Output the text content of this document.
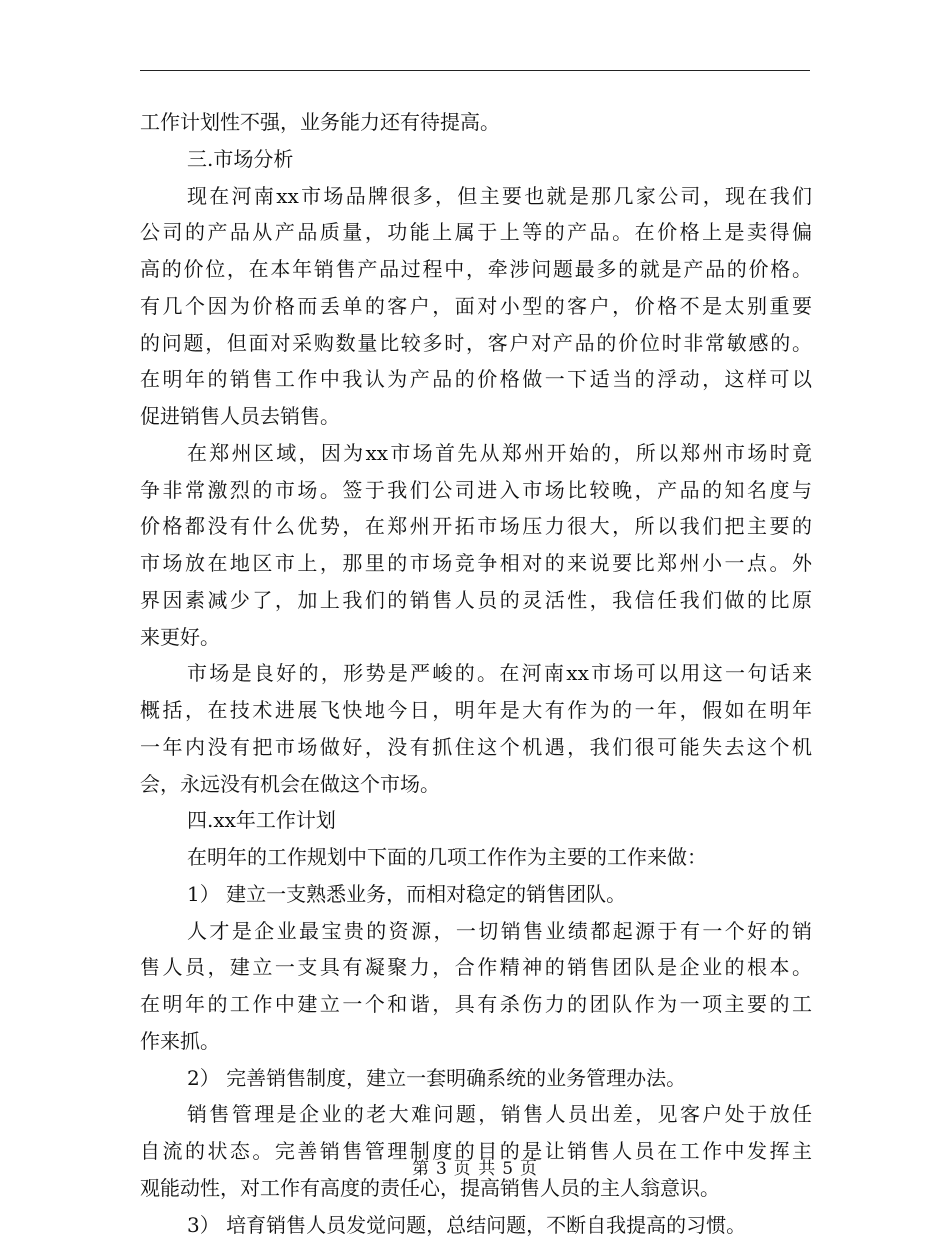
工作计划性不强，业务能力还有待提高。
三.市场分析
现在河南xx市场品牌很多，但主要也就是那几家公司，现在我们
公司的产品从产品质量，功能上属于上等的产品。在价格上是卖得偏
高的价位，在本年销售产品过程中，牵涉问题最多的就是产品的价格。
有几个因为价格而丢单的客户，面对小型的客户，价格不是太别重要
的问题，但面对采购数量比较多时，客户对产品的价位时非常敏感的。
在明年的销售工作中我认为产品的价格做一下适当的浮动，这样可以
促进销售人员去销售。
在郑州区域，因为xx市场首先从郑州开始的，所以郑州市场时竟
争非常激烈的市场。签于我们公司进入市场比较晚，产品的知名度与
价格都没有什么优势，在郑州开拓市场压力很大，所以我们把主要的
市场放在地区市上，那里的市场竞争相对的来说要比郑州小一点。外
界因素减少了，加上我们的销售人员的灵活性，我信任我们做的比原
来更好。
市场是良好的，形势是严峻的。在河南xx市场可以用这一句话来
概括，在技术进展飞快地今日，明年是大有作为的一年，假如在明年
一年内没有把市场做好，没有抓住这个机遇，我们很可能失去这个机
会，永远没有机会在做这个市场。
四.xx年工作计划
在明年的工作规划中下面的几项工作作为主要的工作来做：
1） 建立一支熟悉业务，而相对稳定的销售团队。
人才是企业最宝贵的资源，一切销售业绩都起源于有一个好的销
售人员，建立一支具有凝聚力，合作精神的销售团队是企业的根本。
在明年的工作中建立一个和谐，具有杀伤力的团队作为一项主要的工
作来抓。
2） 完善销售制度，建立一套明确系统的业务管理办法。
销售管理是企业的老大难问题，销售人员出差，见客户处于放任
自流的状态。完善销售管理制度的目的是让销售人员在工作中发挥主
观能动性，对工作有高度的责任心，提高销售人员的主人翁意识。
3） 培育销售人员发觉问题，总结问题，不断自我提高的习惯。
第 3 页 共 5 页
